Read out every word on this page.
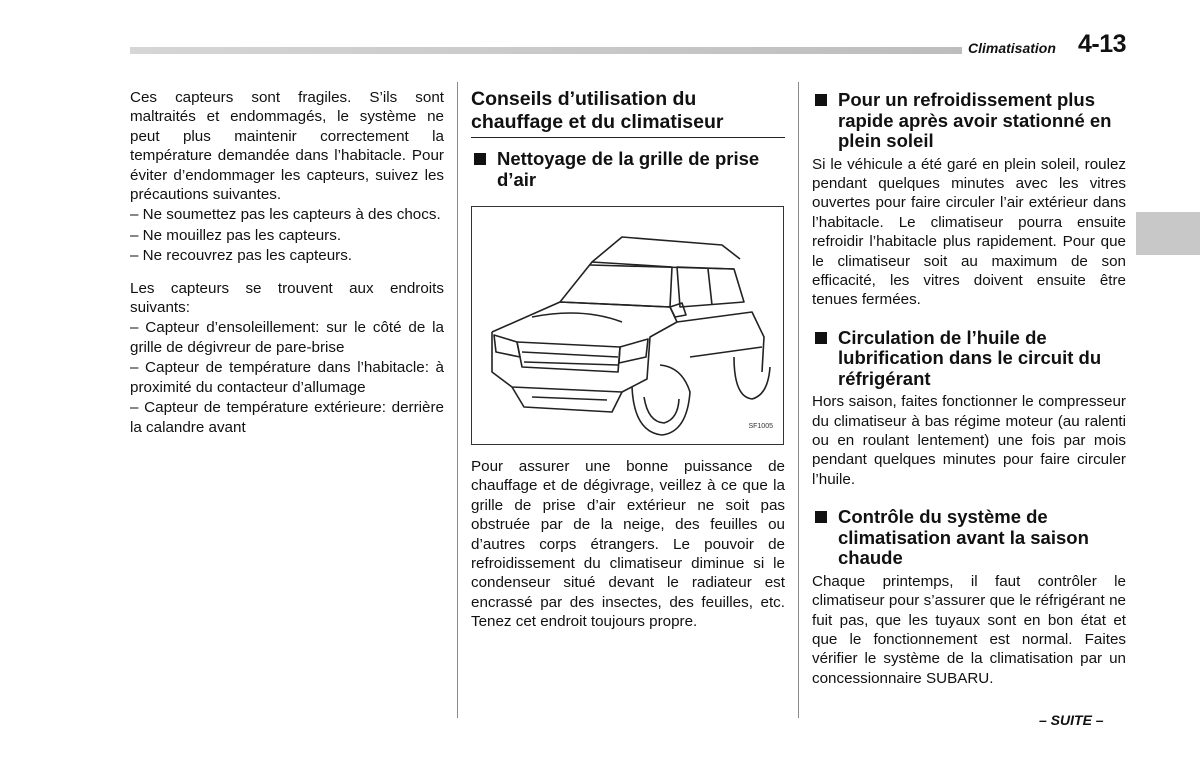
Climatisation 4-13

Ces capteurs sont fragiles. S’ils sont maltraités et endommagés, le système ne peut plus maintenir correctement la température demandée dans l’habitacle. Pour éviter d’endommager les capteurs, suivez les précautions suivantes.

– Ne soumettez pas les capteurs à des chocs.

– Ne mouillez pas les capteurs.

– Ne recouvrez pas les capteurs.

Les capteurs se trouvent aux endroits suivants:

– Capteur d’ensoleillement: sur le côté de la grille de dégivreur de pare-brise

– Capteur de température dans l’habitacle: à proximité du contacteur d’allumage

– Capteur de température extérieure: derrière la calandre avant

Conseils d’utilisation du chauffage et du climatiseur
Nettoyage de la grille de prise d’air
SF1005

Pour assurer une bonne puissance de chauffage et de dégivrage, veillez à ce que la grille de prise d’air extérieur ne soit pas obstruée par de la neige, des feuilles ou d’autres corps étrangers. Le pouvoir de refroidissement du climatiseur diminue si le condenseur situé devant le radiateur est encrassé par des insectes, des feuilles, etc. Tenez cet endroit toujours propre.

Pour un refroidissement plus rapide après avoir stationné en plein soleil

Si le véhicule a été garé en plein soleil, roulez pendant quelques minutes avec les vitres ouvertes pour faire circuler l’air extérieur dans l’habitacle. Le climatiseur pourra ensuite refroidir l’habitacle plus rapidement. Pour que le climatiseur soit au maximum de son efficacité, les vitres doivent ensuite être tenues fermées.

Circulation de l’huile de lubrification dans le circuit du réfrigérant

Hors saison, faites fonctionner le compresseur du climatiseur à bas régime moteur (au ralenti ou en roulant lentement) une fois par mois pendant quelques minutes pour faire circuler l’huile.

Contrôle du système de climatisation avant la saison chaude

Chaque printemps, il faut contrôler le climatiseur pour s’assurer que le réfrigérant ne fuit pas, que les tuyaux sont en bon état et que le fonctionnement est normal. Faites vérifier le système de la climatisation par un concessionnaire SUBARU.

– SUITE –
